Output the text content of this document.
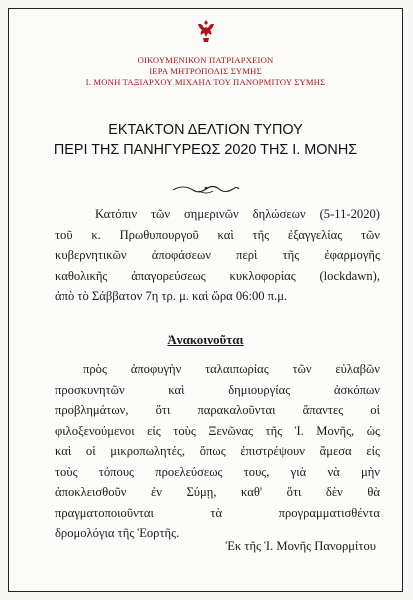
ΟΙΚΟΥΜΕΝΙΚΟΝ ΠΑΤΡΙΑΡΧΕΙΟΝ
ΙΕΡΑ ΜΗΤΡΟΠΟΛΙΣ ΣΥΜΗΣ
Ι. ΜΟΝΗ ΤΑΞΙΑΡΧΟΥ ΜΙΧΑΗΛ ΤΟΥ ΠΑΝΟΡΜΙΤΟΥ ΣΥΜΗΣ
ΕΚΤΑΚΤΟΝ ΔΕΛΤΙΟΝ ΤΥΠΟΥ
ΠΕΡΙ ΤΗΣ ΠΑΝΗΓΥΡΕΩΣ 2020 ΤΗΣ Ι. ΜΟΝΗΣ
Κατόπιν τῶν σημερινῶν δηλώσεων (5-11-2020)
τοῦ κ. Πρωθυπουργοῦ καὶ τῆς ἐξαγγελίας τῶν
κυβερνητικῶν ἀποφάσεων περὶ τῆς ἐφαρμογῆς
καθολικῆς ἀπαγορεύσεως κυκλοφορίας (lockdawn),
ἀπὸ τὸ Σάββατον 7η τρ. μ. καὶ ὥρα 06:00 π.μ.
Ἀνακοινοῦται
πρὸς ἀποφυγὴν ταλαιπωρίας τῶν εὐλαβῶν
προσκυνητῶν καὶ δημιουργίας ἀσκόπων
προβλημάτων, ὅτι παρακαλοῦνται ἅπαντες οἱ
φιλοξενούμενοι εἰς τοὺς Ξενῶνας τῆς Ἱ. Μονῆς, ὡς
καὶ οἱ μικροπωλητές, ὅπως ἐπιστρέψουν ἄμεσα εἰς
τοὺς τόπους προελεύσεως τους, γιὰ νὰ μὴν
ἀποκλεισθοῦν ἐν Σύμῃ, καθ' ὅτι δὲν θὰ
πραγματοποιοῦνται τὰ προγραμματισθέντα
δρομολόγια τῆς Ἑορτῆς.
Ἐκ τῆς Ἱ. Μονῆς Πανορμίτου
